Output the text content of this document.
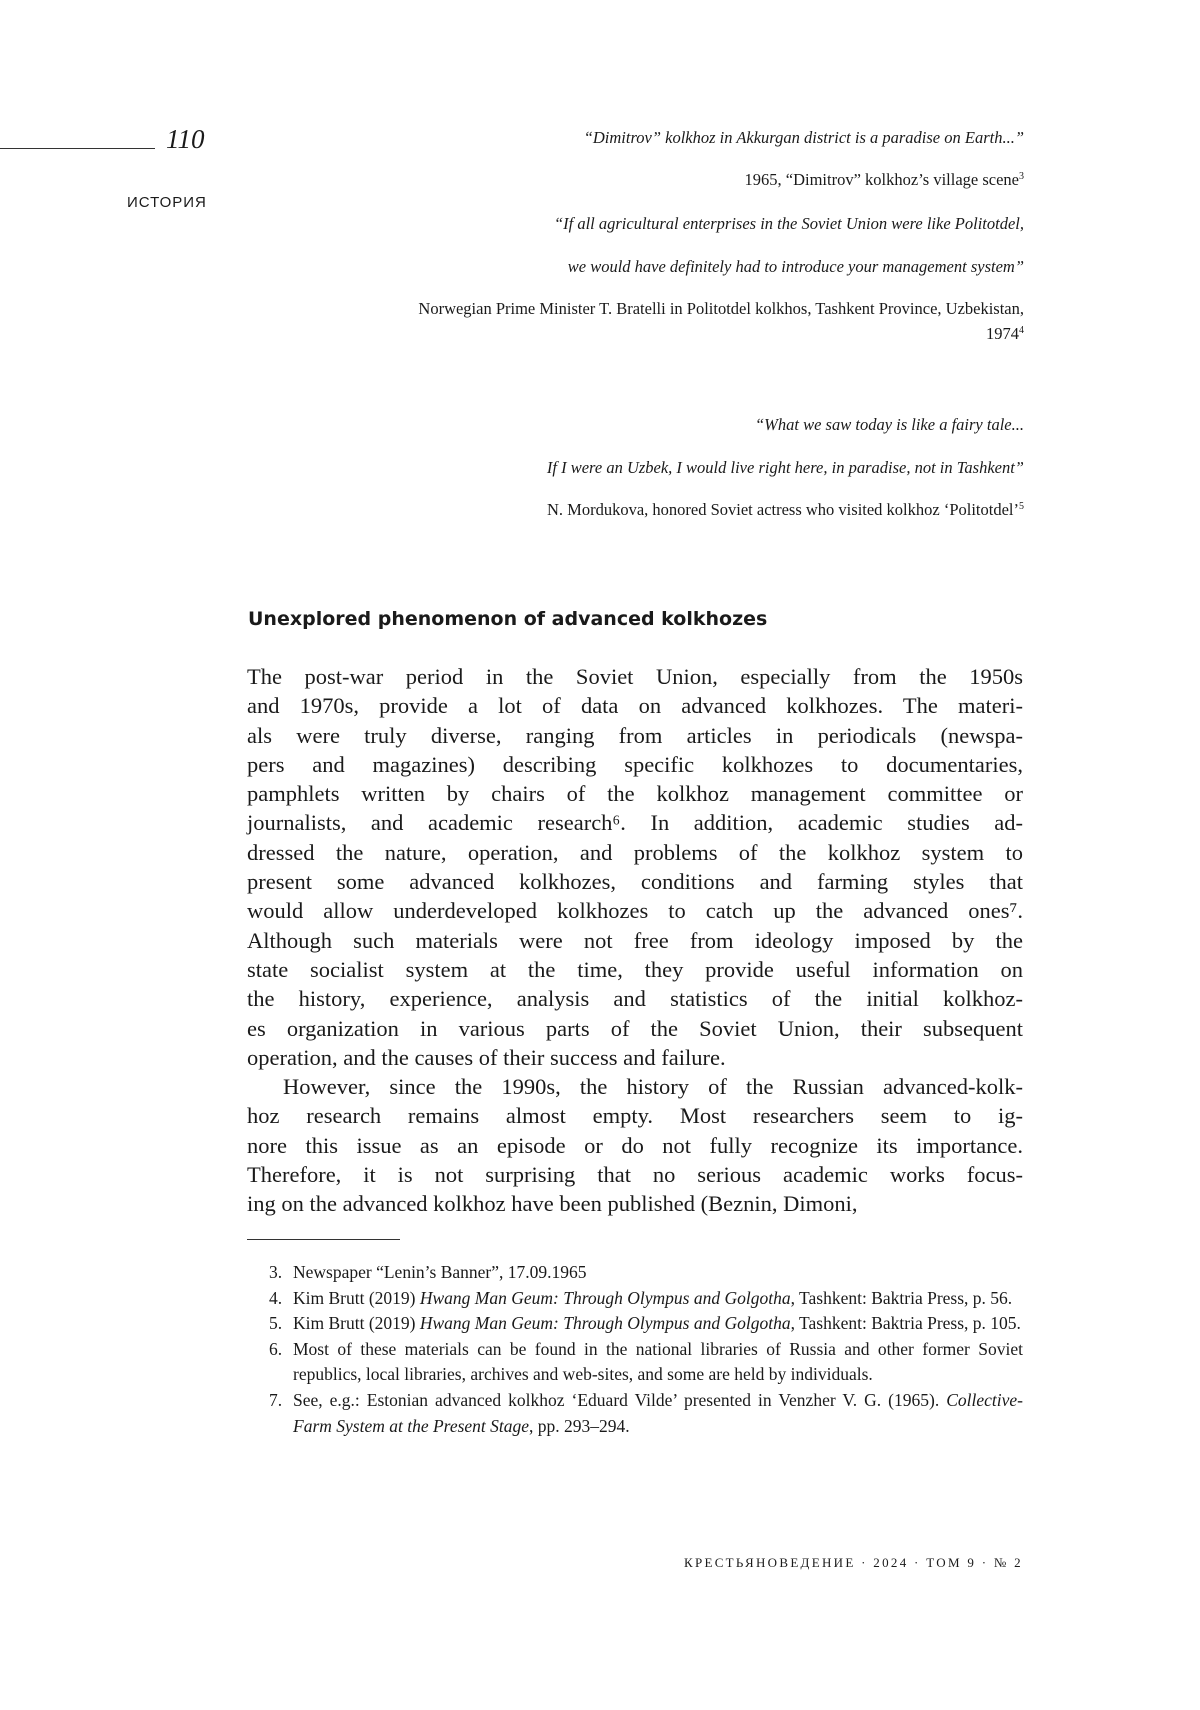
110
ИСТОРИЯ
“Dimitrov” kolkhoz in Akkurgan district is a paradise on Earth...”
1965, “Dimitrov” kolkhoz’s village scene3
“If all agricultural enterprises in the Soviet Union were like Politotdel,
we would have definitely had to introduce your management system”
Norwegian Prime Minister T. Bratelli in Politotdel kolkhos, Tashkent Province, Uzbekistan,
19744
“What we saw today is like a fairy tale...
If I were an Uzbek, I would live right here, in paradise, not in Tashkent”
N. Mordukova, honored Soviet actress who visited kolkhoz ‘Politotdel’5
Unexplored phenomenon of advanced kolkhozes
The post-war period in the Soviet Union, especially from the 1950s
and 1970s, provide a lot of data on advanced kolkhozes. The materi-
als were truly diverse, ranging from articles in periodicals (newspa-
pers and magazines) describing specific kolkhozes to documentaries,
pamphlets written by chairs of the kolkhoz management committee or
journalists, and academic research⁶. In addition, academic studies ad-
dressed the nature, operation, and problems of the kolkhoz system to
present some advanced kolkhozes, conditions and farming styles that
would allow underdeveloped kolkhozes to catch up the advanced ones⁷.
Although such materials were not free from ideology imposed by the
state socialist system at the time, they provide useful information on
the history, experience, analysis and statistics of the initial kolkhoz-
es organization in various parts of the Soviet Union, their subsequent
operation, and the causes of their success and failure.
However, since the 1990s, the history of the Russian advanced-kolk-
hoz research remains almost empty. Most researchers seem to ig-
nore this issue as an episode or do not fully recognize its importance.
Therefore, it is not surprising that no serious academic works focus-
ing on the advanced kolkhoz have been published (Beznin, Dimoni,
3. Newspaper “Lenin’s Banner”, 17.09.1965
4. Kim Brutt (2019) Hwang Man Geum: Through Olympus and Golgotha, Tashkent: Baktria Press, p. 56.
5. Kim Brutt (2019) Hwang Man Geum: Through Olympus and Golgotha, Tashkent: Baktria Press, p. 105.
6. Most of these materials can be found in the national libraries of Russia and other former Soviet republics, local libraries, archives and web-sites, and some are held by individuals.
7. See, e.g.: Estonian advanced kolkhoz ‘Eduard Vilde’ presented in Venzher V. G. (1965). Collective-Farm System at the Present Stage, pp. 293–294.
КРЕСТЬЯНОВЕДЕНИЕ · 2024 · ТОМ 9 · № 2
